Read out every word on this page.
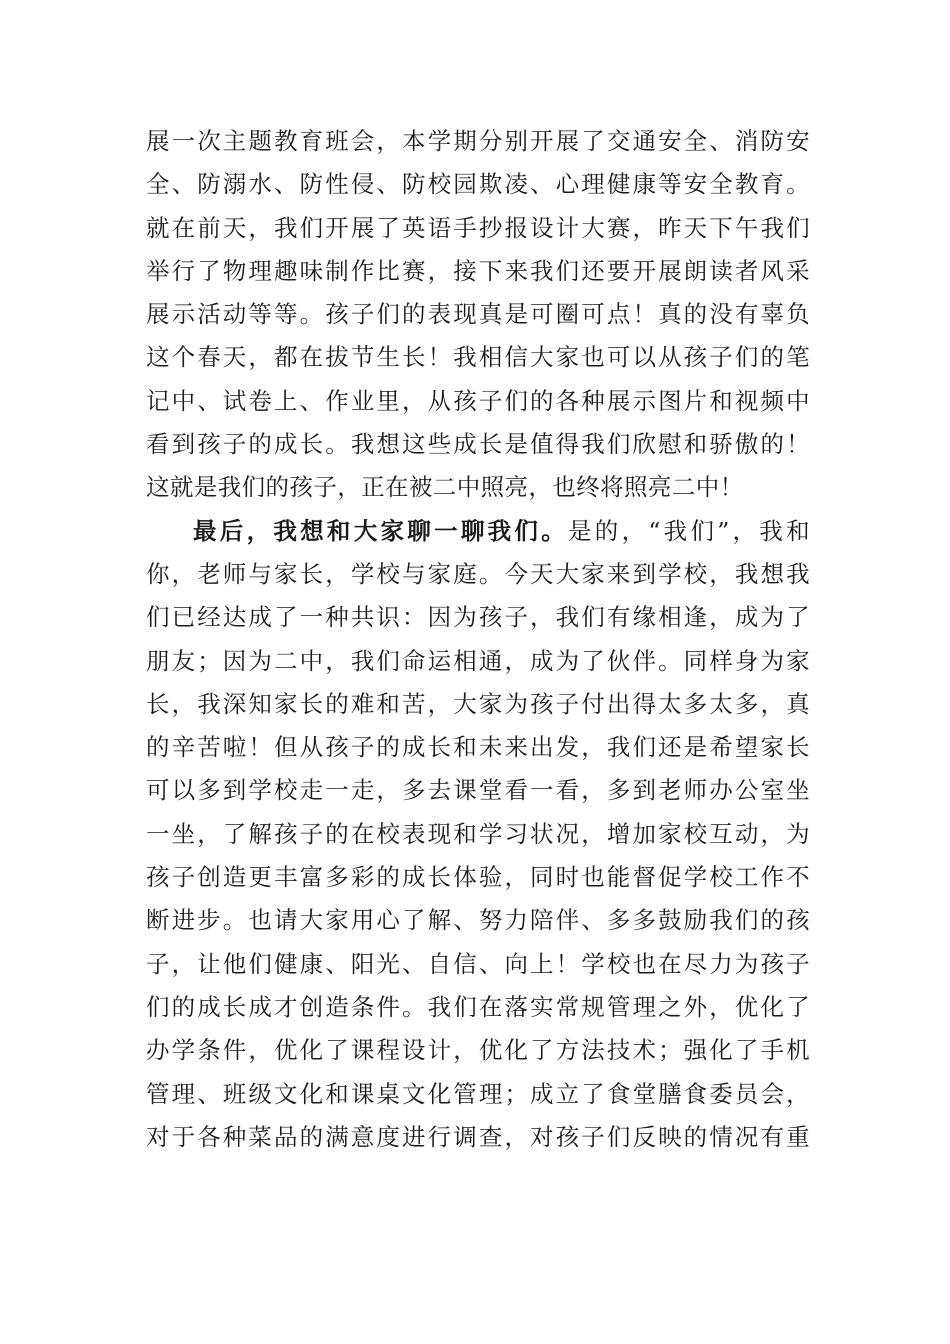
展一次主题教育班会，本学期分别开展了交通安全、消防安
全、防溺水、防性侵、防校园欺凌、心理健康等安全教育。
就在前天，我们开展了英语手抄报设计大赛，昨天下午我们
举行了物理趣味制作比赛，接下来我们还要开展朗读者风采
展示活动等等。孩子们的表现真是可圈可点！真的没有辜负
这个春天，都在拔节生长！我相信大家也可以从孩子们的笔
记中、试卷上、作业里，从孩子们的各种展示图片和视频中
看到孩子的成长。我想这些成长是值得我们欣慰和骄傲的！
这就是我们的孩子，正在被二中照亮，也终将照亮二中！
最后，我想和大家聊一聊我们。是的，“我们”，我和
你，老师与家长，学校与家庭。今天大家来到学校，我想我
们已经达成了一种共识：因为孩子，我们有缘相逢，成为了
朋友；因为二中，我们命运相通，成为了伙伴。同样身为家
长，我深知家长的难和苦，大家为孩子付出得太多太多，真
的辛苦啦！但从孩子的成长和未来出发，我们还是希望家长
可以多到学校走一走，多去课堂看一看，多到老师办公室坐
一坐，了解孩子的在校表现和学习状况，增加家校互动，为
孩子创造更丰富多彩的成长体验，同时也能督促学校工作不
断进步。也请大家用心了解、努力陪伴、多多鼓励我们的孩
子，让他们健康、阳光、自信、向上！学校也在尽力为孩子
们的成长成才创造条件。我们在落实常规管理之外，优化了
办学条件，优化了课程设计，优化了方法技术；强化了手机
管理、班级文化和课桌文化管理；成立了食堂膳食委员会，
对于各种菜品的满意度进行调查，对孩子们反映的情况有重
